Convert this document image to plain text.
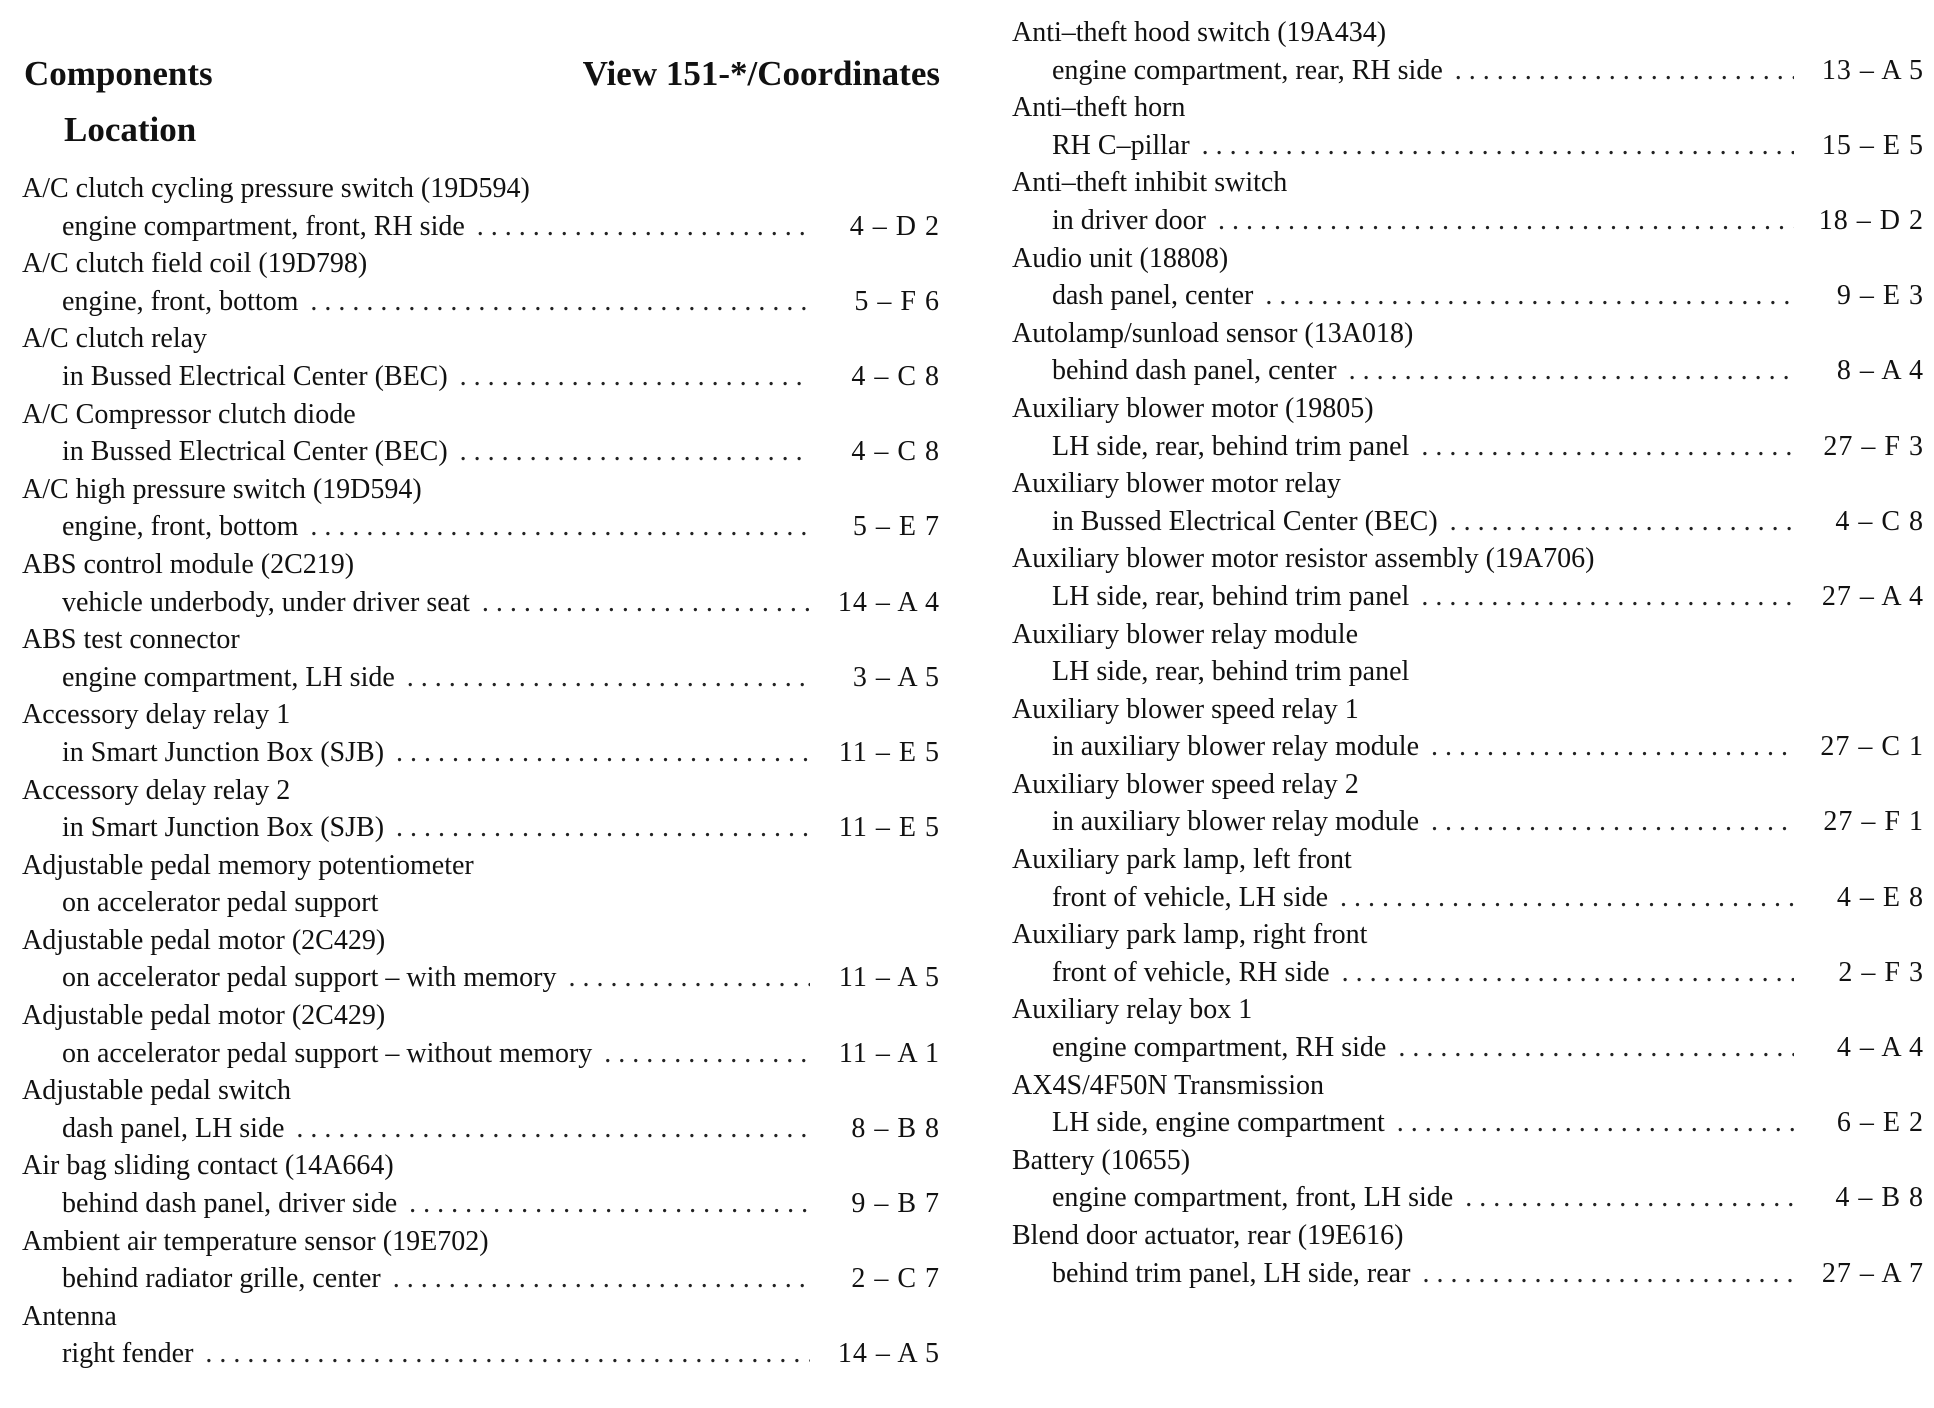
Components	View 151-*/Coordinates
Location
A/C clutch cycling pressure switch (19D594)
engine compartment, front, RH side . . .	4 – D 2
A/C clutch field coil (19D798)
engine, front, bottom . . .	5 – F 6
A/C clutch relay
in Bussed Electrical Center (BEC) . . .	4 – C 8
A/C Compressor clutch diode
in Bussed Electrical Center (BEC) . . .	4 – C 8
A/C high pressure switch (19D594)
engine, front, bottom . . .	5 – E 7
ABS control module (2C219)
vehicle underbody, under driver seat . . .	14 – A 4
ABS test connector
engine compartment, LH side . . .	3 – A 5
Accessory delay relay 1
in Smart Junction Box (SJB) . . .	11 – E 5
Accessory delay relay 2
in Smart Junction Box (SJB) . . .	11 – E 5
Adjustable pedal memory potentiometer
on accelerator pedal support
Adjustable pedal motor (2C429)
on accelerator pedal support – with memory . . .	11 – A 5
Adjustable pedal motor (2C429)
on accelerator pedal support – without memory . . .	11 – A 1
Adjustable pedal switch
dash panel, LH side . . .	8 – B 8
Air bag sliding contact (14A664)
behind dash panel, driver side . . .	9 – B 7
Ambient air temperature sensor (19E702)
behind radiator grille, center . . .	2 – C 7
Antenna
right fender . . .	14 – A 5
Anti–theft hood switch (19A434)
engine compartment, rear, RH side . . .	13 – A 5
Anti–theft horn
RH C–pillar . . .	15 – E 5
Anti–theft inhibit switch
in driver door . . .	18 – D 2
Audio unit (18808)
dash panel, center . . .	9 – E 3
Autolamp/sunload sensor (13A018)
behind dash panel, center . . .	8 – A 4
Auxiliary blower motor (19805)
LH side, rear, behind trim panel . . .	27 – F 3
Auxiliary blower motor relay
in Bussed Electrical Center (BEC) . . .	4 – C 8
Auxiliary blower motor resistor assembly (19A706)
LH side, rear, behind trim panel . . .	27 – A 4
Auxiliary blower relay module
LH side, rear, behind trim panel
Auxiliary blower speed relay 1
in auxiliary blower relay module . . .	27 – C 1
Auxiliary blower speed relay 2
in auxiliary blower relay module . . .	27 – F 1
Auxiliary park lamp, left front
front of vehicle, LH side . . .	4 – E 8
Auxiliary park lamp, right front
front of vehicle, RH side . . .	2 – F 3
Auxiliary relay box 1
engine compartment, RH side . . .	4 – A 4
AX4S/4F50N Transmission
LH side, engine compartment . . .	6 – E 2
Battery (10655)
engine compartment, front, LH side . . .	4 – B 8
Blend door actuator, rear (19E616)
behind trim panel, LH side, rear . . .	27 – A 7
